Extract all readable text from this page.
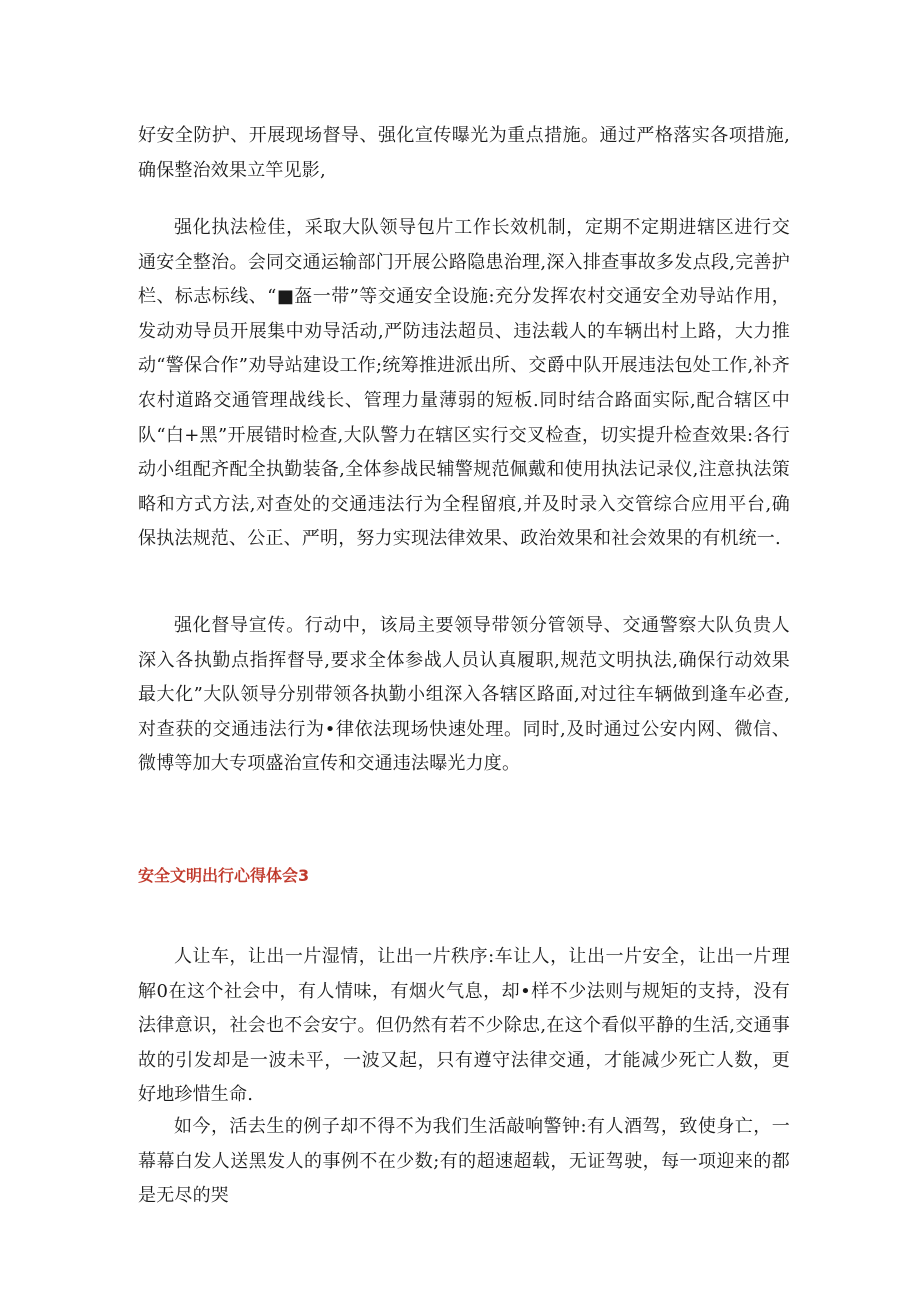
好安全防护、开展现场督导、强化宣传曝光为重点措施。通过严格落实各项措施,确保整治效果立竿见影,

强化执法检佳，采取大队领导包片工作长效机制，定期不定期进辖区进行交通安全整治。会同交通运输部门开展公路隐患治理,深入排查事故多发点段,完善护栏、标志标线、“■盔一带”等交通安全设施:充分发挥农村交通安全劝导站作用，发动劝导员开展集中劝导活动,严防违法超员、违法载人的车辆出村上路，大力推动“警保合作”劝导站建设工作;统筹推进派出所、交爵中队开展违法包处工作,补齐农村道路交通管理战线长、管理力量薄弱的短板.同时结合路面实际,配合辖区中队“白+黑”开展错时检查,大队警力在辖区实行交叉检查，切实提升检查效果:各行动小组配齐配全执勤装备,全体参战民辅警规范佩戴和使用执法记录仪,注意执法策略和方式方法,对查处的交通违法行为全程留痕,并及时录入交管综合应用平台,确保执法规范、公正、严明，努力实现法律效果、政治效果和社会效果的有机统一.

强化督导宣传。行动中，该局主要领导带领分管领导、交通警察大队负贵人深入各执勤点指挥督导,要求全体参战人员认真履职,规范文明执法,确保行动效果最大化”大队领导分别带领各执勤小组深入各辖区路面,对过往车辆做到逢车必查,对查获的交通违法行为•律依法现场快速处理。同时,及时通过公安内网、微信、微博等加大专项盛治宣传和交通违法曝光力度。

安全文明出行心得体会3

人让车，让出一片湿情，让出一片秩序:车让人，让出一片安全，让出一片理解0在这个社会中，有人情味，有烟火气息，却•样不少法则与规矩的支持，没有法律意识，社会也不会安宁。但仍然有若不少除忠,在这个看似平静的生活,交通事故的引发却是一波未平，一波又起，只有遵守法律交通，才能减少死亡人数，更好地珍惜生命.

如今，活去生的例子却不得不为我们生活敲响警钟:有人酒驾，致使身亡，一幕幕白发人送黑发人的事例不在少数;有的超速超载，无证驾驶，每一项迎来的都是无尽的哭
